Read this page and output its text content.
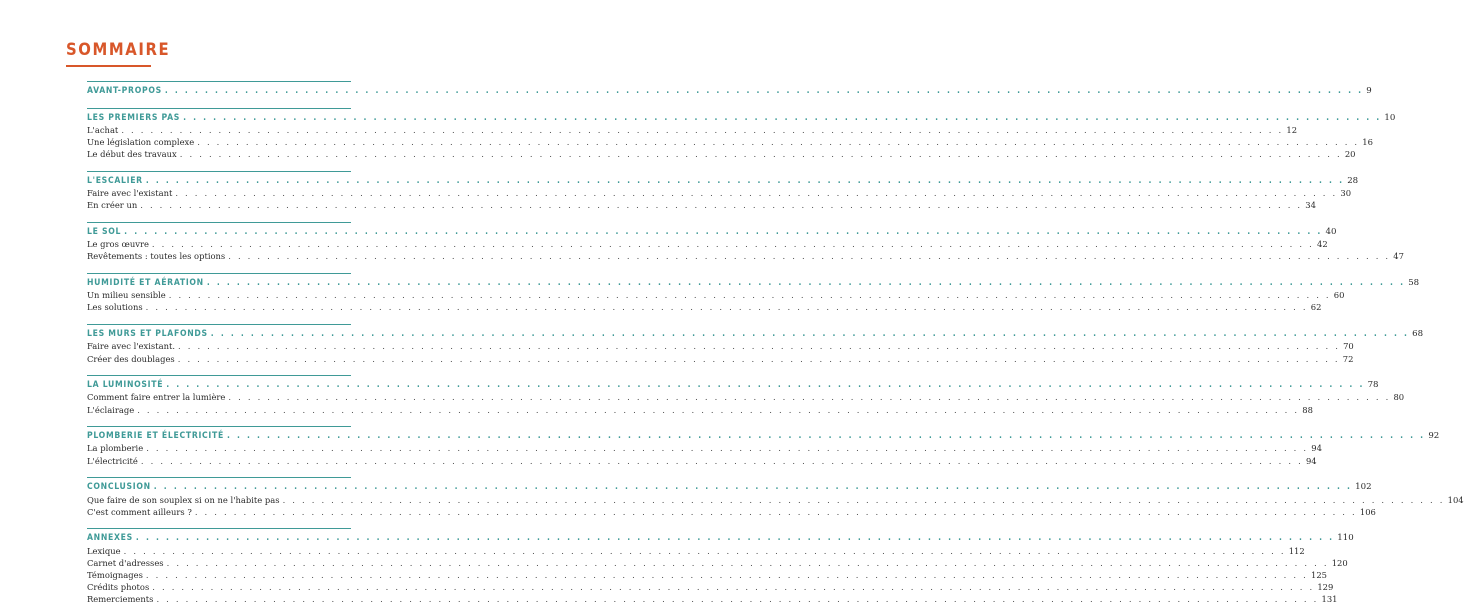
SOMMAIRE
AVANT-PROPOS . . . . . . . . . . . . . . . . . . . . . . . . . . . . . . . . . . . . . . . . . . . . . . . . . . . . . . . . . . . . . . . . . . . . . . . . . . . . . . . . . . . . . . . . . . . . . . . . . . . . . . . . . . . . . . . . . . . . . . . . 9
LES PREMIERS PAS . . . . . . . . . . . . . . . . . . . . . . . . . . . . . . . . . . . . . . . . . . . . . . . . . . . . . . . . . . . . . . . . . . . . . . . . . . . . . . . . . . . . . . . . . . . . . . . . . . . . . . . . . . . . . . . . . . . . . . . . 10
L'achat . . . . . . . . . . . . . . . . . . . . . . . . . . . . . . . . . . . . . . . . . . . . . . . . . . . . . . . . . . . . . . . . . . . . . . . . . . . . . . . . . . . . . . . . . . . . . . . . . . . . . . . . . . . . . . . . . . . . . . . . 12
Une législation complexe . . . . . . . . . . . . . . . . . . . . . . . . . . . . . . . . . . . . . . . . . . . . . . . . . . . . . . . . . . . . . . . . . . . . . . . . . . . . . . . . . . . . . . . . . . . . . . . . . . . . . . . . . . . . . . . . . . . . . . . . 16
Le début des travaux . . . . . . . . . . . . . . . . . . . . . . . . . . . . . . . . . . . . . . . . . . . . . . . . . . . . . . . . . . . . . . . . . . . . . . . . . . . . . . . . . . . . . . . . . . . . . . . . . . . . . . . . . . . . . . . . . . . . . . . . 20
L'ESCALIER . . . . . . . . . . . . . . . . . . . . . . . . . . . . . . . . . . . . . . . . . . . . . . . . . . . . . . . . . . . . . . . . . . . . . . . . . . . . . . . . . . . . . . . . . . . . . . . . . . . . . . . . . . . . . . . . . . . . . . . . 28
Faire avec l'existant . . . . . . . . . . . . . . . . . . . . . . . . . . . . . . . . . . . . . . . . . . . . . . . . . . . . . . . . . . . . . . . . . . . . . . . . . . . . . . . . . . . . . . . . . . . . . . . . . . . . . . . . . . . . . . . . . . . . . . . . 30
En créer un . . . . . . . . . . . . . . . . . . . . . . . . . . . . . . . . . . . . . . . . . . . . . . . . . . . . . . . . . . . . . . . . . . . . . . . . . . . . . . . . . . . . . . . . . . . . . . . . . . . . . . . . . . . . . . . . . . . . . . . . 34
LE SOL . . . . . . . . . . . . . . . . . . . . . . . . . . . . . . . . . . . . . . . . . . . . . . . . . . . . . . . . . . . . . . . . . . . . . . . . . . . . . . . . . . . . . . . . . . . . . . . . . . . . . . . . . . . . . . . . . . . . . . . . 40
Le gros œuvre . . . . . . . . . . . . . . . . . . . . . . . . . . . . . . . . . . . . . . . . . . . . . . . . . . . . . . . . . . . . . . . . . . . . . . . . . . . . . . . . . . . . . . . . . . . . . . . . . . . . . . . . . . . . . . . . . . . . . . . . 42
Revêtements : toutes les options . . . . . . . . . . . . . . . . . . . . . . . . . . . . . . . . . . . . . . . . . . . . . . . . . . . . . . . . . . . . . . . . . . . . . . . . . . . . . . . . . . . . . . . . . . . . . . . . . . . . . . . . . . . . . . . . . . . . . . . . 47
HUMIDITÉ ET AÉRATION . . . . . . . . . . . . . . . . . . . . . . . . . . . . . . . . . . . . . . . . . . . . . . . . . . . . . . . . . . . . . . . . . . . . . . . . . . . . . . . . . . . . . . . . . . . . . . . . . . . . . . . . . . . . . . . . . . . . . . . . 58
Un milieu sensible . . . . . . . . . . . . . . . . . . . . . . . . . . . . . . . . . . . . . . . . . . . . . . . . . . . . . . . . . . . . . . . . . . . . . . . . . . . . . . . . . . . . . . . . . . . . . . . . . . . . . . . . . . . . . . . . . . . . . . . . 60
Les solutions . . . . . . . . . . . . . . . . . . . . . . . . . . . . . . . . . . . . . . . . . . . . . . . . . . . . . . . . . . . . . . . . . . . . . . . . . . . . . . . . . . . . . . . . . . . . . . . . . . . . . . . . . . . . . . . . . . . . . . . . 62
LES MURS ET PLAFONDS . . . . . . . . . . . . . . . . . . . . . . . . . . . . . . . . . . . . . . . . . . . . . . . . . . . . . . . . . . . . . . . . . . . . . . . . . . . . . . . . . . . . . . . . . . . . . . . . . . . . . . . . . . . . . . . . . . . . . . . . 68
Faire avec l'existant. . . . . . . . . . . . . . . . . . . . . . . . . . . . . . . . . . . . . . . . . . . . . . . . . . . . . . . . . . . . . . . . . . . . . . . . . . . . . . . . . . . . . . . . . . . . . . . . . . . . . . . . . . . . . . . . . . . . . . . . . 70
Créer des doublages . . . . . . . . . . . . . . . . . . . . . . . . . . . . . . . . . . . . . . . . . . . . . . . . . . . . . . . . . . . . . . . . . . . . . . . . . . . . . . . . . . . . . . . . . . . . . . . . . . . . . . . . . . . . . . . . . . . . . . . . 72
LA LUMINOSITÉ . . . . . . . . . . . . . . . . . . . . . . . . . . . . . . . . . . . . . . . . . . . . . . . . . . . . . . . . . . . . . . . . . . . . . . . . . . . . . . . . . . . . . . . . . . . . . . . . . . . . . . . . . . . . . . . . . . . . . . . . 78
Comment faire entrer la lumière . . . . . . . . . . . . . . . . . . . . . . . . . . . . . . . . . . . . . . . . . . . . . . . . . . . . . . . . . . . . . . . . . . . . . . . . . . . . . . . . . . . . . . . . . . . . . . . . . . . . . . . . . . . . . . . . . . . . . . . . 80
L'éclairage . . . . . . . . . . . . . . . . . . . . . . . . . . . . . . . . . . . . . . . . . . . . . . . . . . . . . . . . . . . . . . . . . . . . . . . . . . . . . . . . . . . . . . . . . . . . . . . . . . . . . . . . . . . . . . . . . . . . . . . . 88
PLOMBERIE ET ÉLECTRICITÉ . . . . . . . . . . . . . . . . . . . . . . . . . . . . . . . . . . . . . . . . . . . . . . . . . . . . . . . . . . . . . . . . . . . . . . . . . . . . . . . . . . . . . . . . . . . . . . . . . . . . . . . . . . . . . . . . . . . . . . . . 92
La plomberie . . . . . . . . . . . . . . . . . . . . . . . . . . . . . . . . . . . . . . . . . . . . . . . . . . . . . . . . . . . . . . . . . . . . . . . . . . . . . . . . . . . . . . . . . . . . . . . . . . . . . . . . . . . . . . . . . . . . . . . . 94
L'électricité . . . . . . . . . . . . . . . . . . . . . . . . . . . . . . . . . . . . . . . . . . . . . . . . . . . . . . . . . . . . . . . . . . . . . . . . . . . . . . . . . . . . . . . . . . . . . . . . . . . . . . . . . . . . . . . . . . . . . . . . 94
CONCLUSION . . . . . . . . . . . . . . . . . . . . . . . . . . . . . . . . . . . . . . . . . . . . . . . . . . . . . . . . . . . . . . . . . . . . . . . . . . . . . . . . . . . . . . . . . . . . . . . . . . . . . . . . . . . . . . . . . . . . . . . . 102
Que faire de son souplex si on ne l'habite pas . . . . . . . . . . . . . . . . . . . . . . . . . . . . . . . . . . . . . . . . . . . . . . . . . . . . . . . . . . . . . . . . . . . . . . . . . . . . . . . . . . . . . . . . . . . . . . . . . . . . . . . . . . . . . . . . . . . . . . . . 104
C'est comment ailleurs ? . . . . . . . . . . . . . . . . . . . . . . . . . . . . . . . . . . . . . . . . . . . . . . . . . . . . . . . . . . . . . . . . . . . . . . . . . . . . . . . . . . . . . . . . . . . . . . . . . . . . . . . . . . . . . . . . . . . . . . . . 106
ANNEXES . . . . . . . . . . . . . . . . . . . . . . . . . . . . . . . . . . . . . . . . . . . . . . . . . . . . . . . . . . . . . . . . . . . . . . . . . . . . . . . . . . . . . . . . . . . . . . . . . . . . . . . . . . . . . . . . . . . . . . . . 110
Lexique . . . . . . . . . . . . . . . . . . . . . . . . . . . . . . . . . . . . . . . . . . . . . . . . . . . . . . . . . . . . . . . . . . . . . . . . . . . . . . . . . . . . . . . . . . . . . . . . . . . . . . . . . . . . . . . . . . . . . . . . 112
Carnet d'adresses . . . . . . . . . . . . . . . . . . . . . . . . . . . . . . . . . . . . . . . . . . . . . . . . . . . . . . . . . . . . . . . . . . . . . . . . . . . . . . . . . . . . . . . . . . . . . . . . . . . . . . . . . . . . . . . . . . . . . . . . 120
Témoignages . . . . . . . . . . . . . . . . . . . . . . . . . . . . . . . . . . . . . . . . . . . . . . . . . . . . . . . . . . . . . . . . . . . . . . . . . . . . . . . . . . . . . . . . . . . . . . . . . . . . . . . . . . . . . . . . . . . . . . . . 125
Crédits photos . . . . . . . . . . . . . . . . . . . . . . . . . . . . . . . . . . . . . . . . . . . . . . . . . . . . . . . . . . . . . . . . . . . . . . . . . . . . . . . . . . . . . . . . . . . . . . . . . . . . . . . . . . . . . . . . . . . . . . . . 129
Remerciements . . . . . . . . . . . . . . . . . . . . . . . . . . . . . . . . . . . . . . . . . . . . . . . . . . . . . . . . . . . . . . . . . . . . . . . . . . . . . . . . . . . . . . . . . . . . . . . . . . . . . . . . . . . . . . . . . . . . . . . . 131
